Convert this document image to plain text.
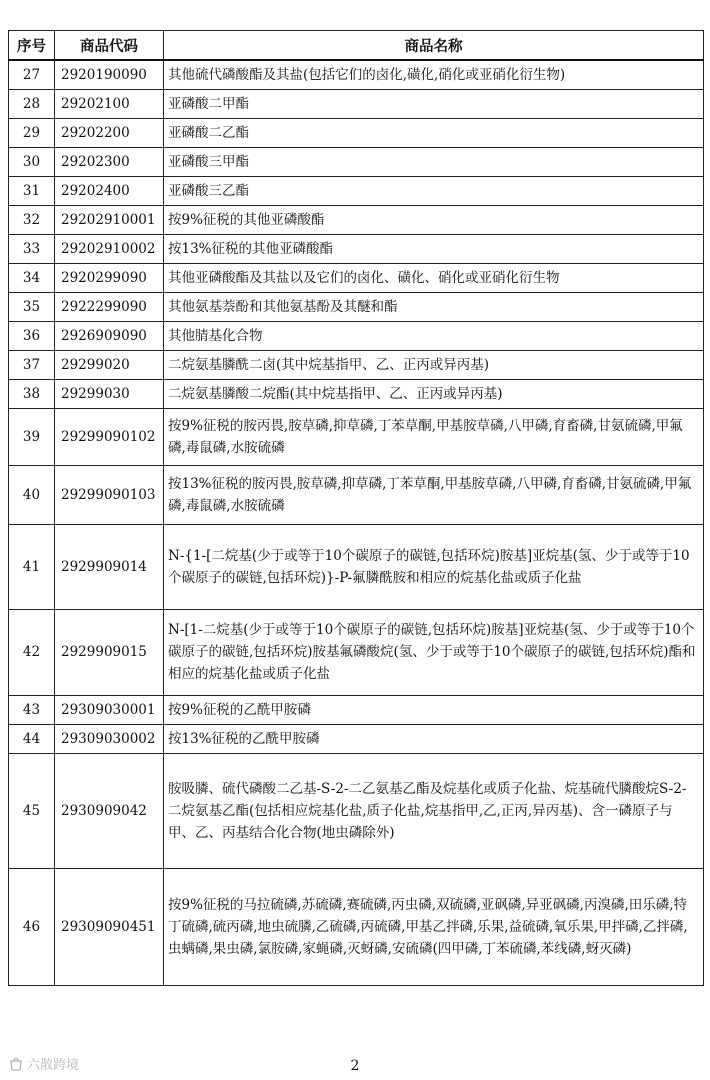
序号	商品代码	商品名称
27	2920190090	其他硫代磷酸酯及其盐(包括它们的卤化,磺化,硝化或亚硝化衍生物)
28	29202100	亚磷酸二甲酯
29	29202200	亚磷酸二乙酯
30	29202300	亚磷酸三甲酯
31	29202400	亚磷酸三乙酯
32	29202910001	按9%征税的其他亚磷酸酯
33	29202910002	按13%征税的其他亚磷酸酯
34	2920299090	其他亚磷酸酯及其盐以及它们的卤化、磺化、硝化或亚硝化衍生物
35	2922299090	其他氨基萘酚和其他氨基酚及其醚和酯
36	2926909090	其他腈基化合物
37	29299020	二烷氨基膦酰二卤(其中烷基指甲、乙、正丙或异丙基)
38	29299030	二烷氨基膦酸二烷酯(其中烷基指甲、乙、正丙或异丙基)
39	29299090102	按9%征税的胺丙畏,胺草磷,抑草磷,丁苯草酮,甲基胺草磷,八甲磷,育畜磷,甘氨硫磷,甲氟磷,毒鼠磷,水胺硫磷
40	29299090103	按13%征税的胺丙畏,胺草磷,抑草磷,丁苯草酮,甲基胺草磷,八甲磷,育畜磷,甘氨硫磷,甲氟磷,毒鼠磷,水胺硫磷
41	2929909014	N-{1-[二烷基(少于或等于10个碳原子的碳链,包括环烷)胺基]亚烷基(氢、少于或等于10个碳原子的碳链,包括环烷)}-P-氟膦酰胺和相应的烷基化盐或质子化盐
42	2929909015	N-[1-二烷基(少于或等于10个碳原子的碳链,包括环烷)胺基]亚烷基(氢、少于或等于10个碳原子的碳链,包括环烷)胺基氟磷酸烷(氢、少于或等于10个碳原子的碳链,包括环烷)酯和相应的烷基化盐或质子化盐
43	29309030001	按9%征税的乙酰甲胺磷
44	29309030002	按13%征税的乙酰甲胺磷
45	2930909042	胺吸膦、硫代磷酸二乙基-S-2-二乙氨基乙酯及烷基化或质子化盐、烷基硫代膦酸烷S-2-二烷氨基乙酯(包括相应烷基化盐,质子化盐,烷基指甲,乙,正丙,异丙基)、含一磷原子与甲、乙、丙基结合化合物(地虫磷除外)
46	29309090451	按9%征税的马拉硫磷,苏硫磷,赛硫磷,丙虫磷,双硫磷,亚砜磷,异亚砜磷,丙溴磷,田乐磷,特丁硫磷,硫丙磷,地虫硫膦,乙硫磷,丙硫磷,甲基乙拌磷,乐果,益硫磷,氧乐果,甲拌磷,乙拌磷,虫螨磷,果虫磷,氯胺磷,家蝇磷,灭蚜磷,安硫磷(四甲磷,丁苯硫磷,苯线磷,蚜灭磷)
六散跨境	2
